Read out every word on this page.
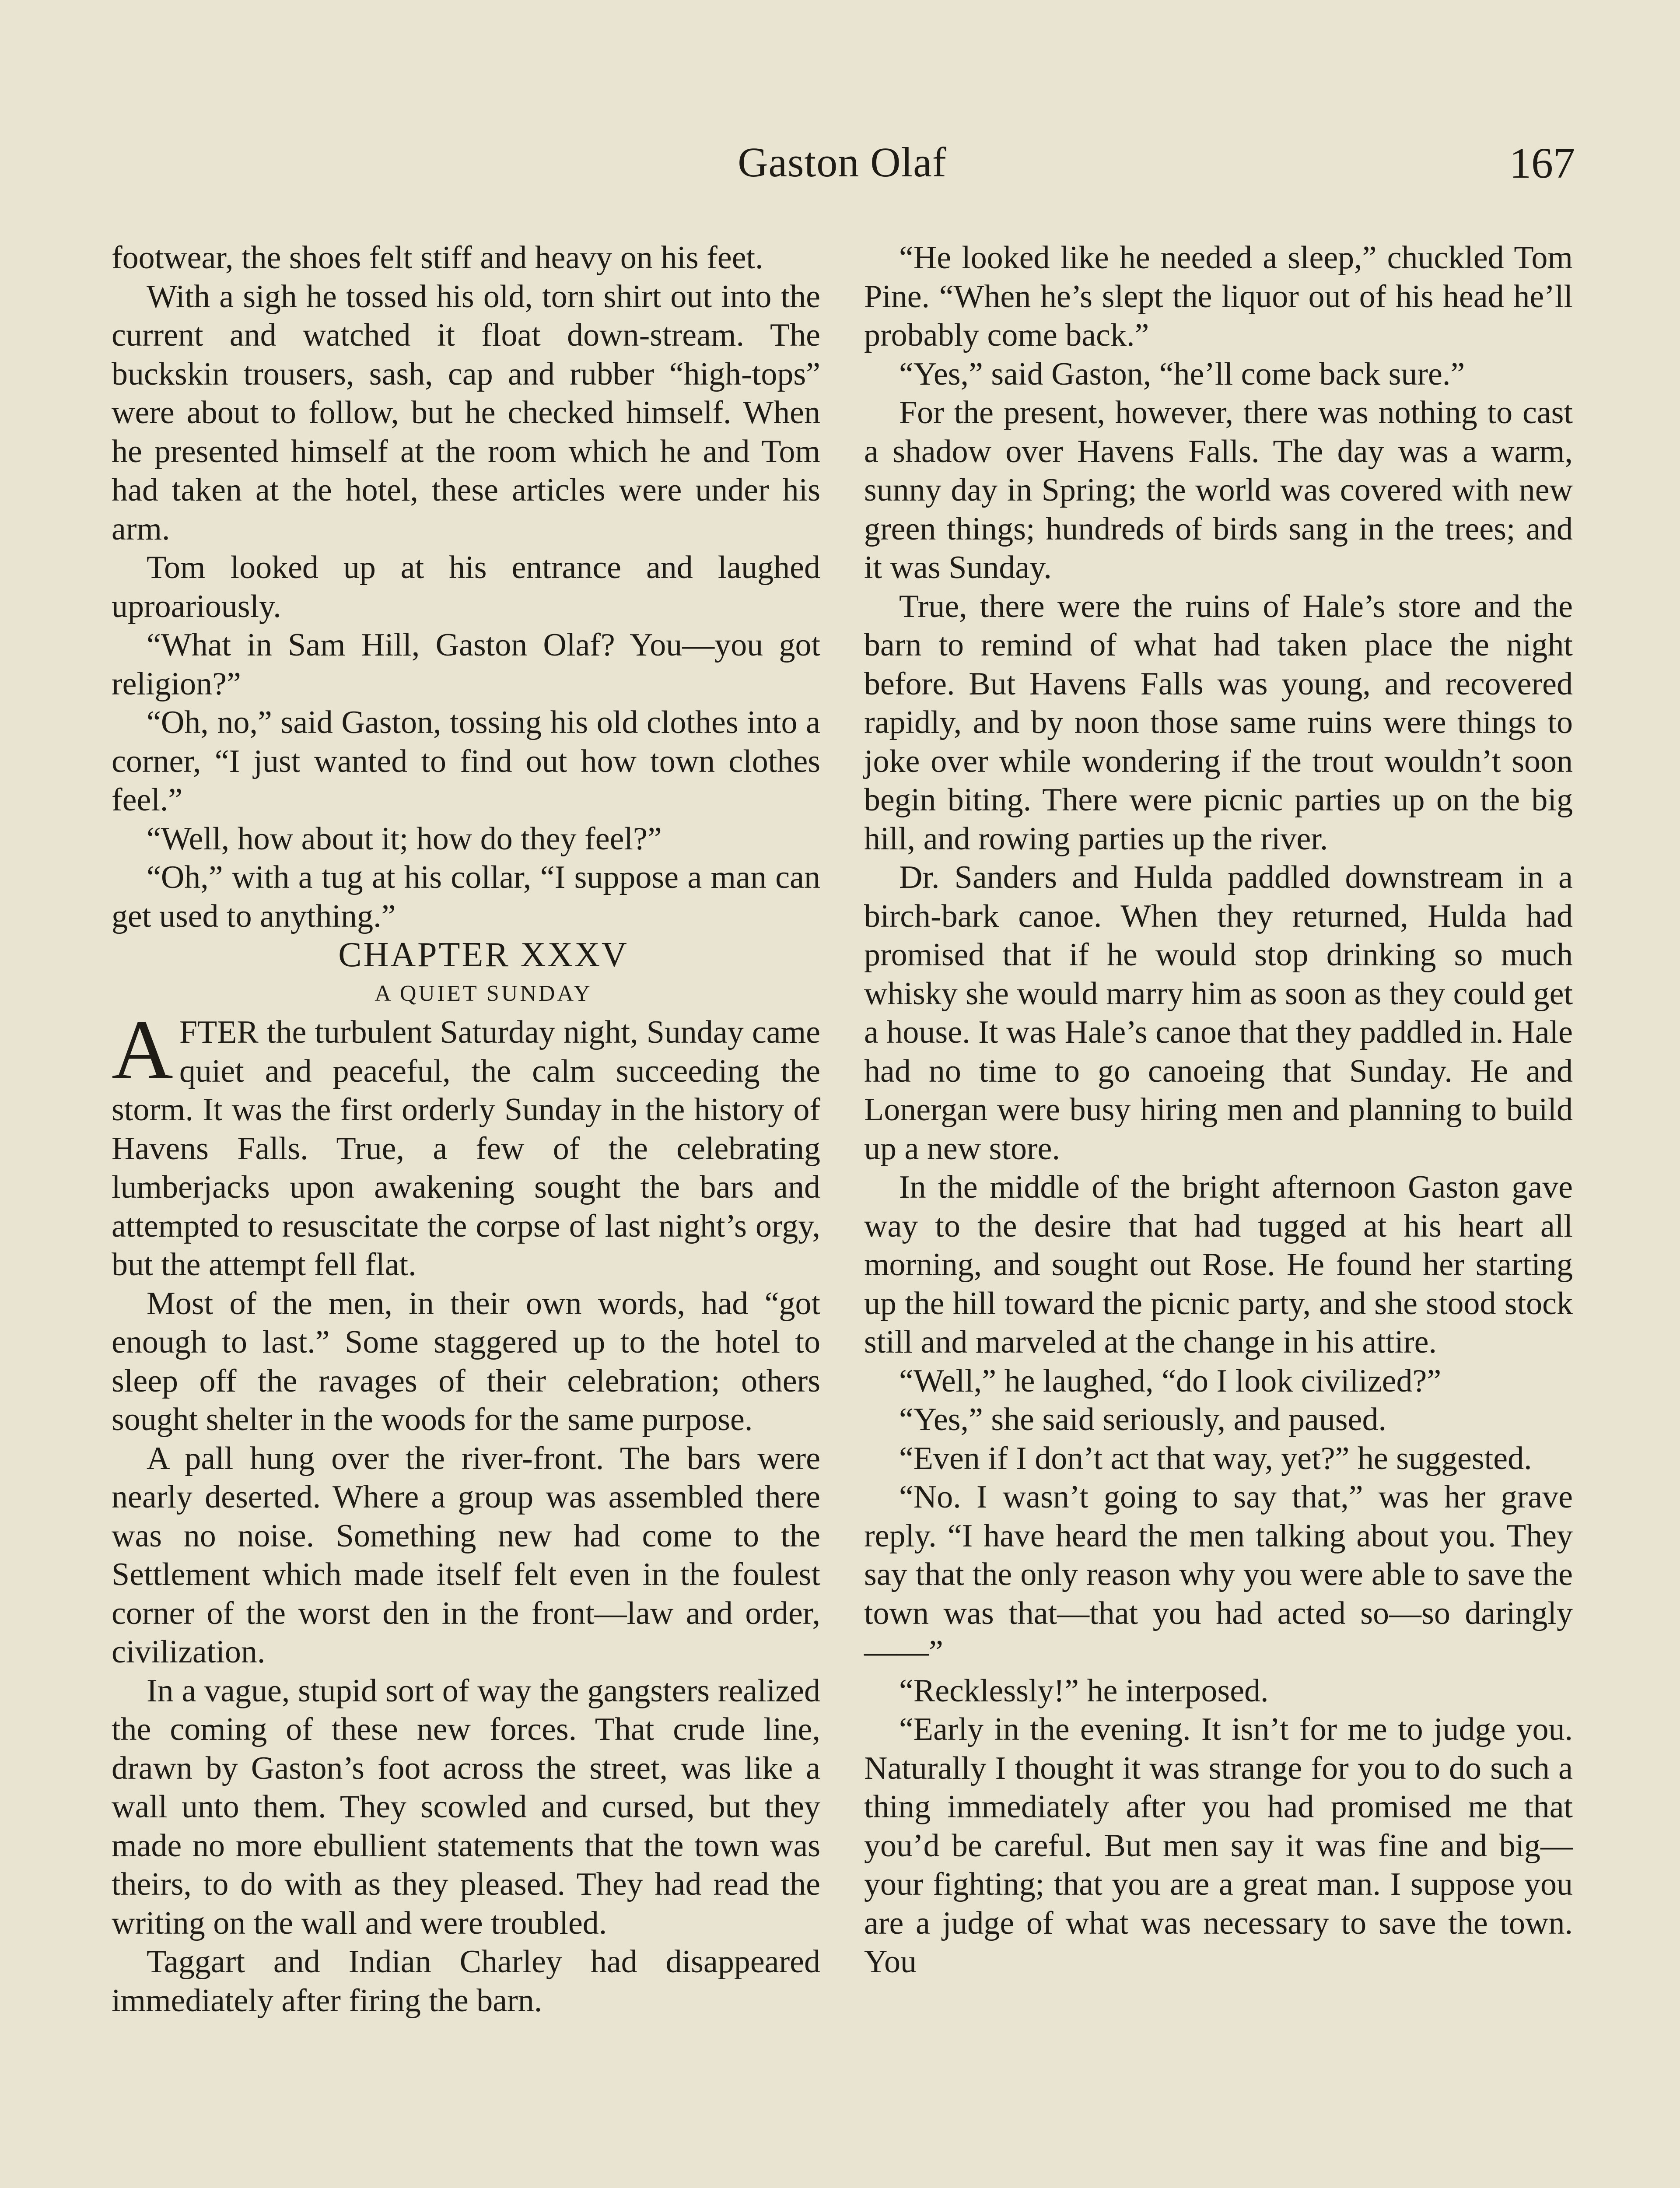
Gaston Olaf	167

footwear, the shoes felt stiff and heavy on his feet.

With a sigh he tossed his old, torn shirt out into the current and watched it float down-stream. The buckskin trousers, sash, cap and rubber “high-tops” were about to follow, but he checked himself. When he presented himself at the room which he and Tom had taken at the hotel, these articles were under his arm.

Tom looked up at his entrance and laughed uproariously.

“What in Sam Hill, Gaston Olaf? You—you got religion?”

“Oh, no,” said Gaston, tossing his old clothes into a corner, “I just wanted to find out how town clothes feel.”

“Well, how about it; how do they feel?”

“Oh,” with a tug at his collar, “I suppose a man can get used to anything.”

CHAPTER XXXV

A QUIET SUNDAY

AFTER the turbulent Saturday night, Sunday came quiet and peaceful, the calm succeeding the storm. It was the first orderly Sunday in the history of Havens Falls. True, a few of the celebrating lumberjacks upon awakening sought the bars and attempted to resuscitate the corpse of last night’s orgy, but the attempt fell flat.

Most of the men, in their own words, had “got enough to last.” Some staggered up to the hotel to sleep off the ravages of their celebration; others sought shelter in the woods for the same purpose.

A pall hung over the river-front. The bars were nearly deserted. Where a group was assembled there was no noise. Something new had come to the Settlement which made itself felt even in the foulest corner of the worst den in the front—law and order, civilization.

In a vague, stupid sort of way the gangsters realized the coming of these new forces. That crude line, drawn by Gaston’s foot across the street, was like a wall unto them. They scowled and cursed, but they made no more ebullient statements that the town was theirs, to do with as they pleased. They had read the writing on the wall and were troubled.

Taggart and Indian Charley had disappeared immediately after firing the barn.

“He looked like he needed a sleep,” chuckled Tom Pine. “When he’s slept the liquor out of his head he’ll probably come back.”

“Yes,” said Gaston, “he’ll come back sure.”

For the present, however, there was nothing to cast a shadow over Havens Falls. The day was a warm, sunny day in Spring; the world was covered with new green things; hundreds of birds sang in the trees; and it was Sunday.

True, there were the ruins of Hale’s store and the barn to remind of what had taken place the night before. But Havens Falls was young, and recovered rapidly, and by noon those same ruins were things to joke over while wondering if the trout wouldn’t soon begin biting. There were picnic parties up on the big hill, and rowing parties up the river.

Dr. Sanders and Hulda paddled downstream in a birch-bark canoe. When they returned, Hulda had promised that if he would stop drinking so much whisky she would marry him as soon as they could get a house. It was Hale’s canoe that they paddled in. Hale had no time to go canoeing that Sunday. He and Lonergan were busy hiring men and planning to build up a new store.

In the middle of the bright afternoon Gaston gave way to the desire that had tugged at his heart all morning, and sought out Rose. He found her starting up the hill toward the picnic party, and she stood stock still and marveled at the change in his attire.

“Well,” he laughed, “do I look civilized?”

“Yes,” she said seriously, and paused.

“Even if I don’t act that way, yet?” he suggested.

“No. I wasn’t going to say that,” was her grave reply. “I have heard the men talking about you. They say that the only reason why you were able to save the town was that—that you had acted so—so daringly——”

“Recklessly!” he interposed.

“Early in the evening. It isn’t for me to judge you. Naturally I thought it was strange for you to do such a thing immediately after you had promised me that you’d be careful. But men say it was fine and big—your fighting; that you are a great man. I suppose you are a judge of what was necessary to save the town. You
